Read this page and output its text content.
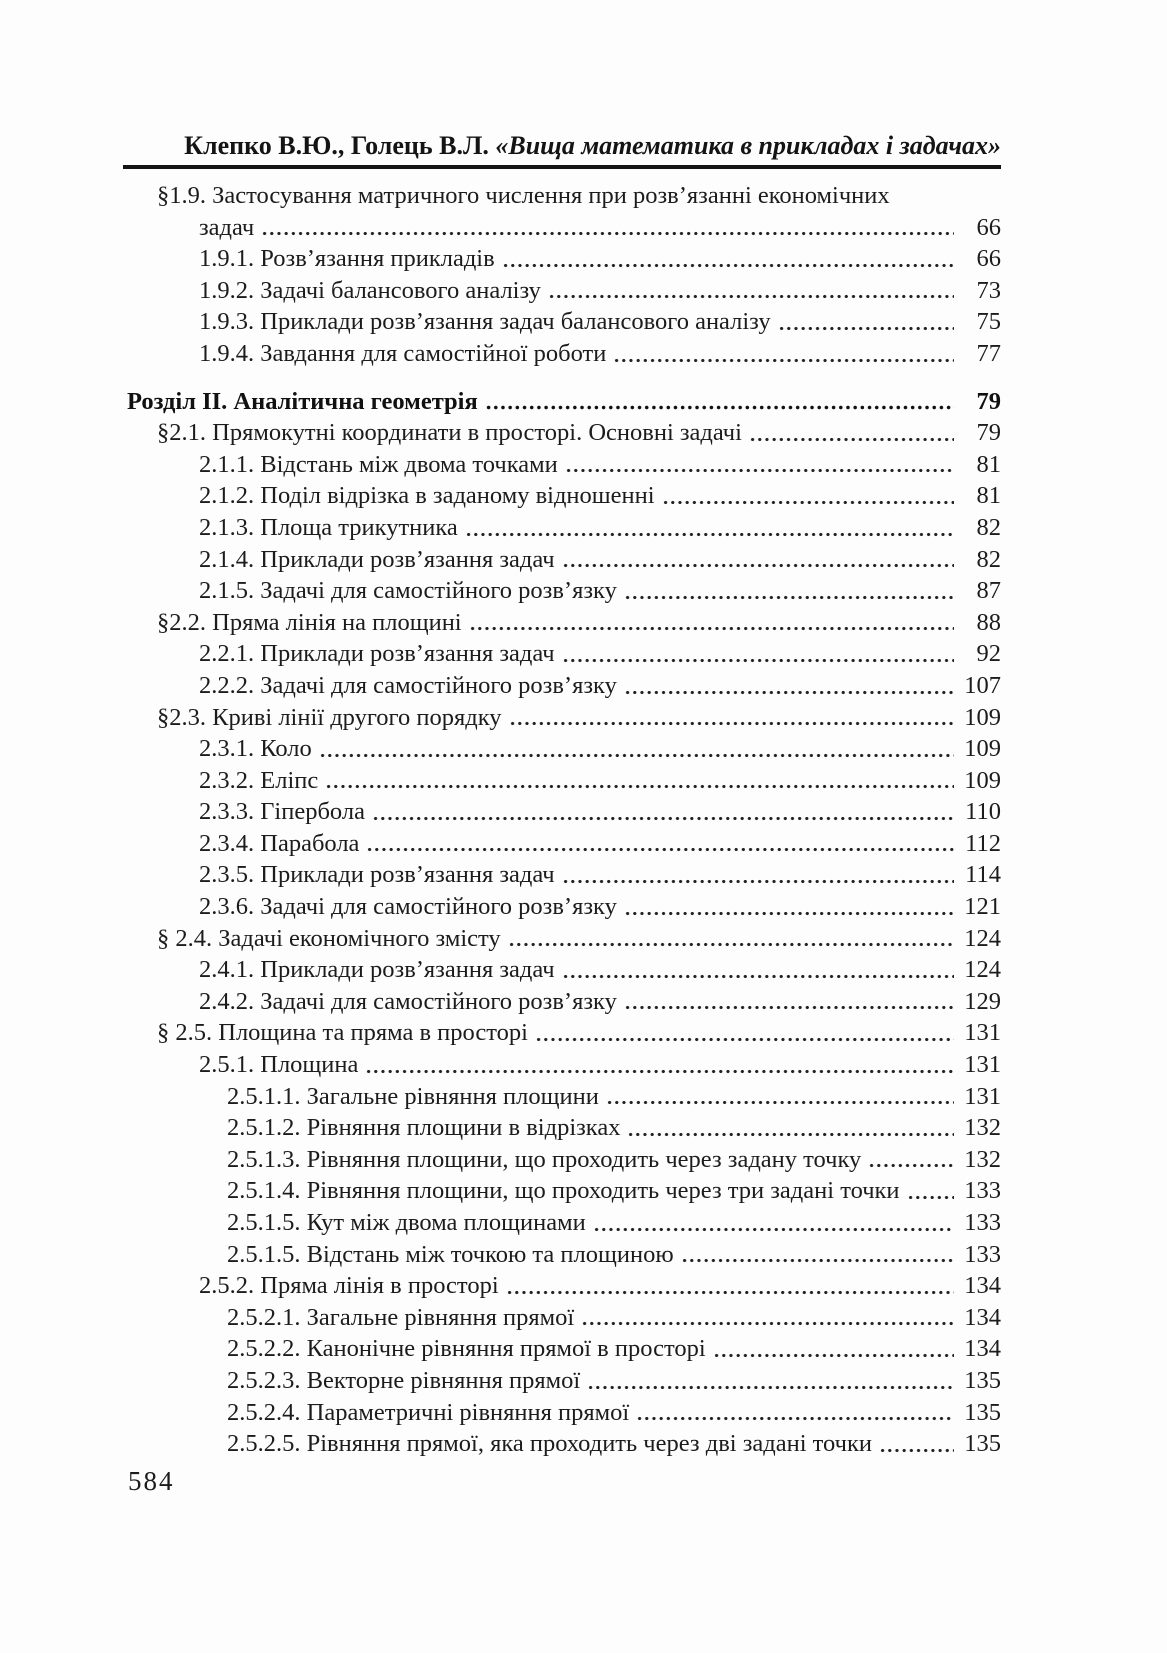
Клепко В.Ю., Голець В.Л. «Вища математика в прикладах і задачах»
§1.9. Застосування матричного числення при розв’язанні економічних
задач	66
1.9.1. Розв’язання прикладів	66
1.9.2. Задачі балансового аналізу	73
1.9.3. Приклади розв’язання задач балансового аналізу	75
1.9.4. Завдання для самостійної роботи	77
Розділ II. Аналітична геометрія	79
§2.1. Прямокутні координати в просторі. Основні задачі	79
2.1.1. Відстань між двома точками	81
2.1.2. Поділ відрізка в заданому відношенні	81
2.1.3. Площа трикутника	82
2.1.4. Приклади розв’язання задач	82
2.1.5. Задачі для самостійного розв’язку	87
§2.2. Пряма лінія на площині	88
2.2.1. Приклади розв’язання задач	92
2.2.2. Задачі для самостійного розв’язку	107
§2.3. Криві лінії другого порядку	109
2.3.1. Коло	109
2.3.2. Еліпс	109
2.3.3. Гіпербола	110
2.3.4. Парабола	112
2.3.5. Приклади розв’язання задач	114
2.3.6. Задачі для самостійного розв’язку	121
§ 2.4. Задачі економічного змісту	124
2.4.1. Приклади розв’язання задач	124
2.4.2. Задачі для самостійного розв’язку	129
§ 2.5. Площина та пряма в просторі	131
2.5.1. Площина	131
2.5.1.1. Загальне рівняння площини	131
2.5.1.2. Рівняння площини в відрізках	132
2.5.1.3. Рівняння площини, що проходить через задану точку	132
2.5.1.4. Рівняння площини, що проходить через три задані точки	133
2.5.1.5. Кут між двома площинами	133
2.5.1.5. Відстань між точкою та площиною	133
2.5.2. Пряма лінія в просторі	134
2.5.2.1. Загальне рівняння прямої	134
2.5.2.2. Канонічне рівняння прямої в просторі	134
2.5.2.3. Векторне рівняння прямої	135
2.5.2.4. Параметричні рівняння прямої	135
2.5.2.5. Рівняння прямої, яка проходить через дві задані точки	135
584
